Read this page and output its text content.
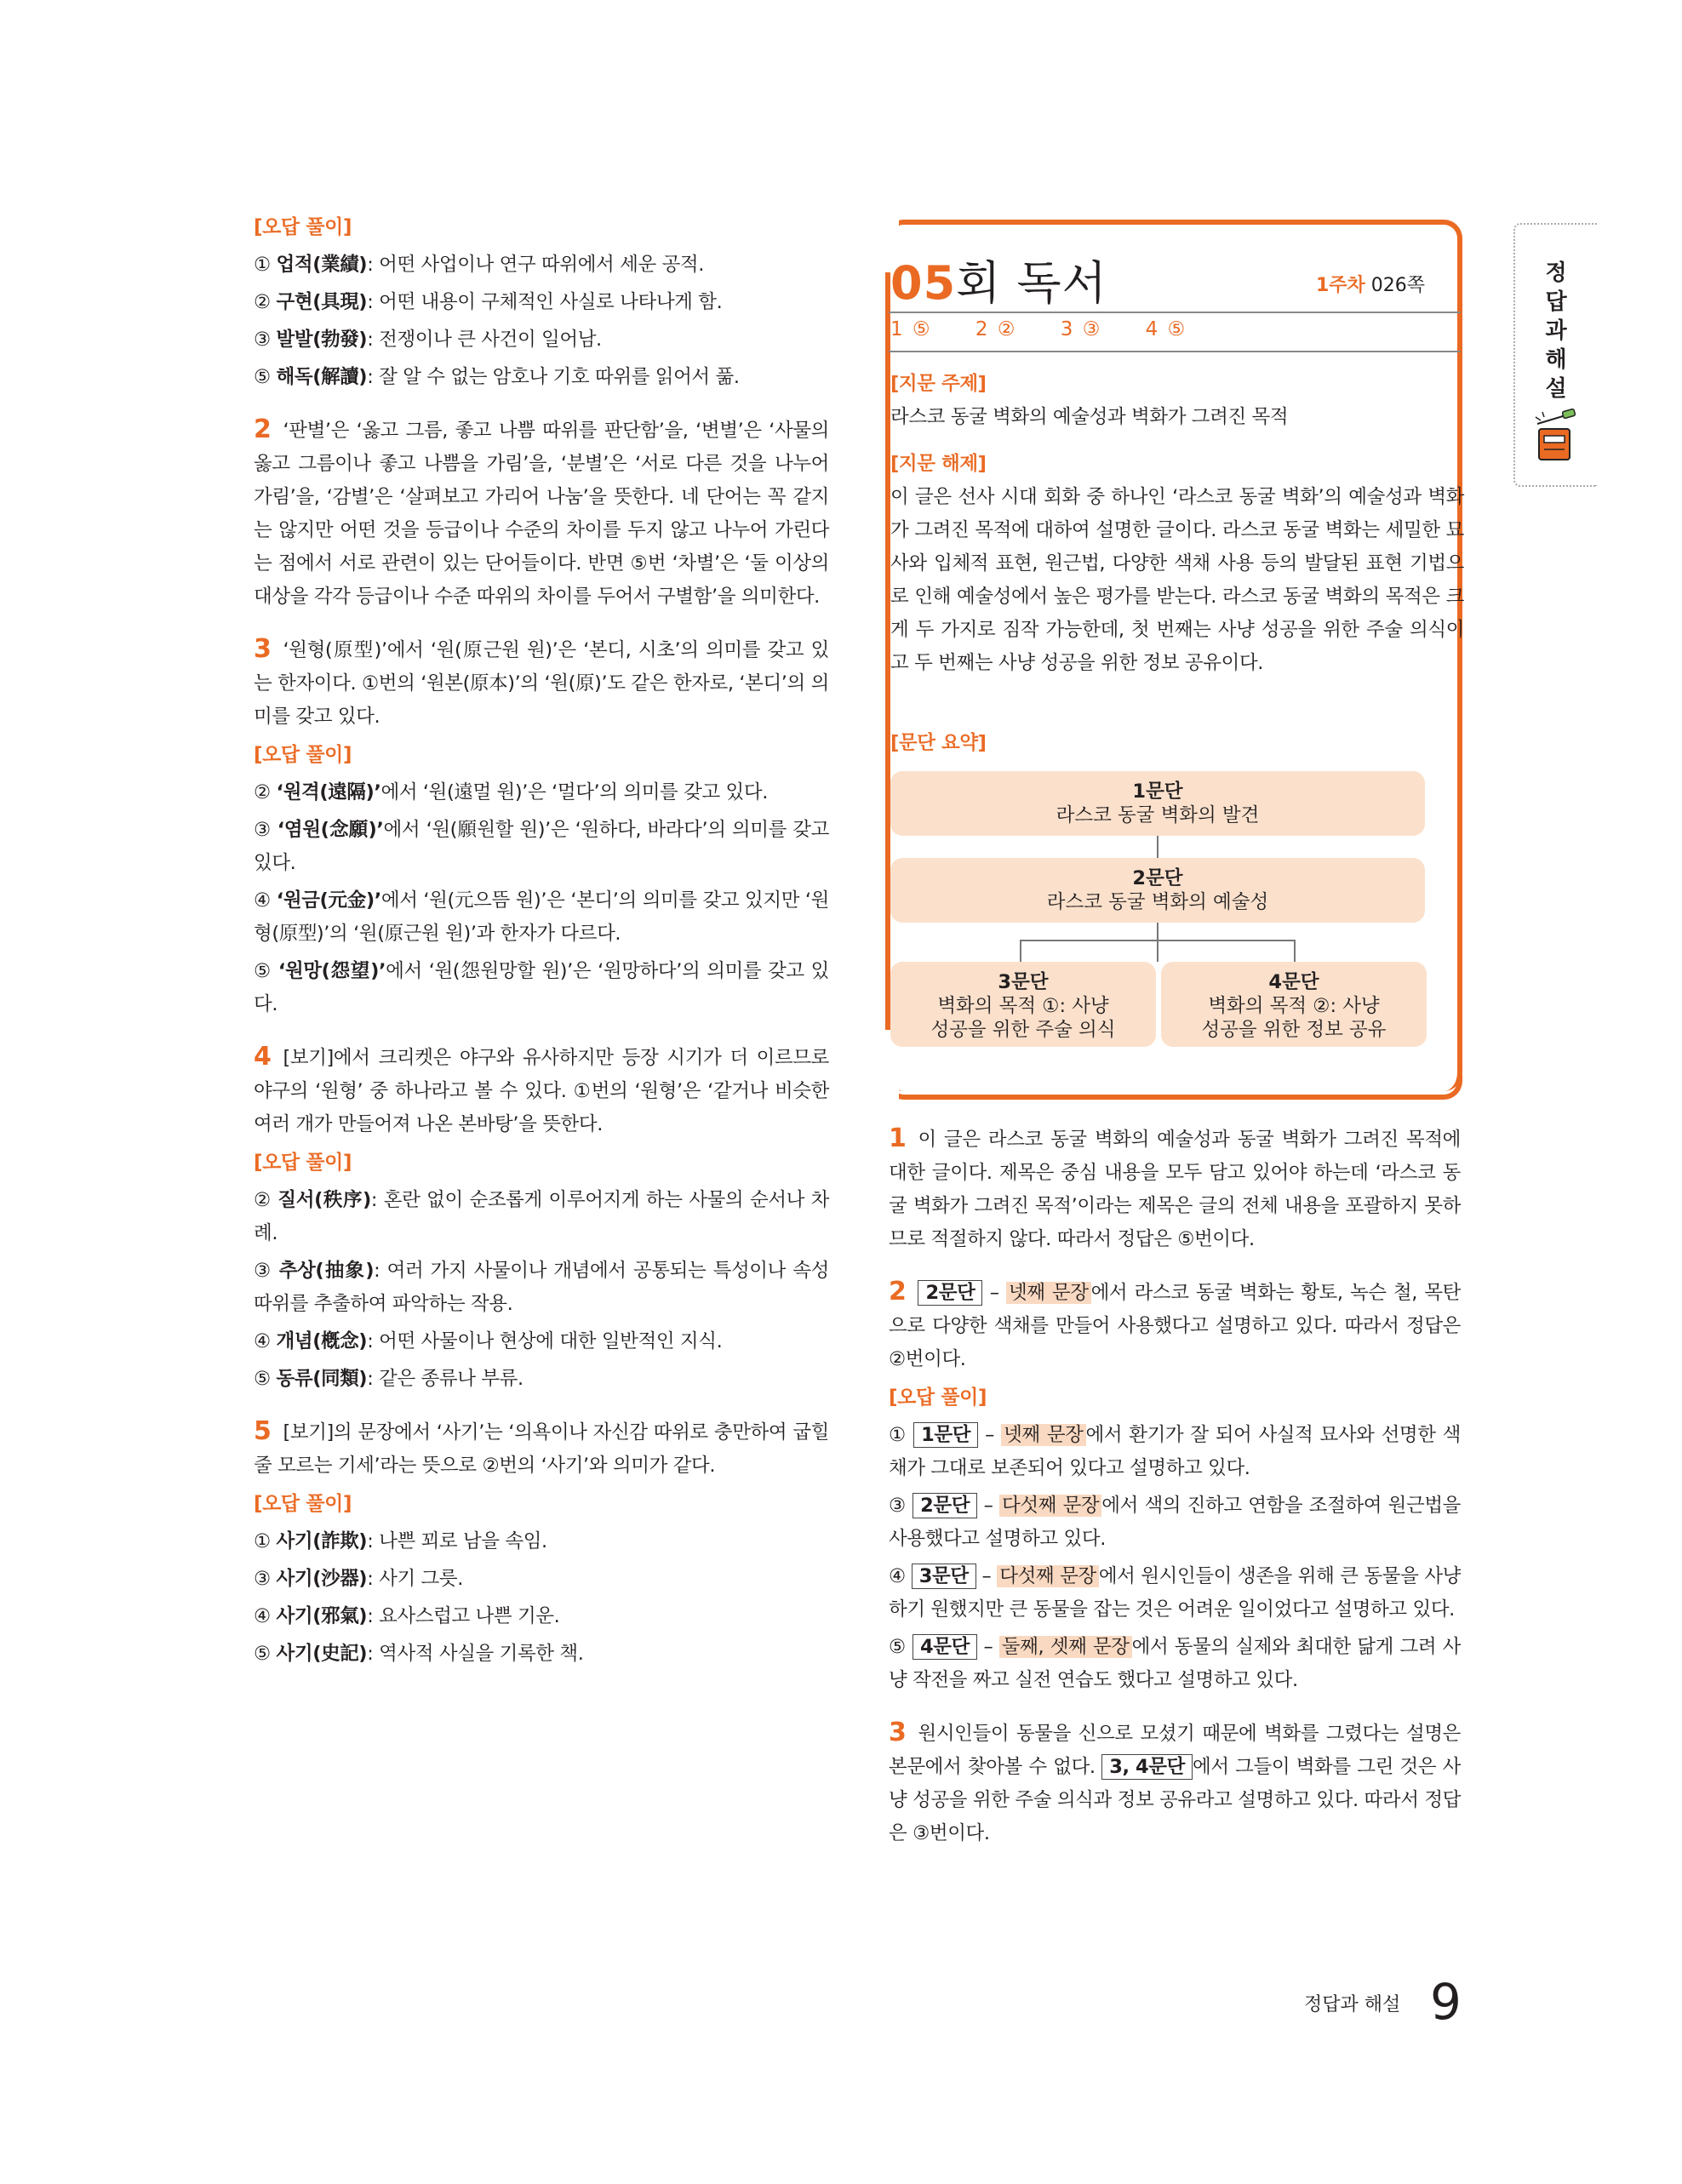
[오답 풀이]
① 업적(業績): 어떤 사업이나 연구 따위에서 세운 공적.
② 구현(具現): 어떤 내용이 구체적인 사실로 나타나게 함.
③ 발발(勃發): 전쟁이나 큰 사건이 일어남.
⑤ 해독(解讀): 잘 알 수 없는 암호나 기호 따위를 읽어서 풂.

2 ‘판별’은 ‘옳고 그름, 좋고 나쁨 따위를 판단함’을, ‘변별’은 ‘사물의 옳고 그름이나 좋고 나쁨을 가림’을, ‘분별’은 ‘서로 다른 것을 나누어 가림’을, ‘감별’은 ‘살펴보고 가리어 나눔’을 뜻한다. 네 단어는 꼭 같지는 않지만 어떤 것을 등급이나 수준의 차이를 두지 않고 나누어 가린다는 점에서 서로 관련이 있는 단어들이다. 반면 ⑤번 ‘차별’은 ‘둘 이상의 대상을 각각 등급이나 수준 따위의 차이를 두어서 구별함’을 의미한다.

3 ‘원형(原型)’에서 ‘원(原근원 원)’은 ‘본디, 시초’의 의미를 갖고 있는 한자이다. ①번의 ‘원본(原本)’의 ‘원(原)’도 같은 한자로, ‘본디’의 의미를 갖고 있다.

[오답 풀이]
② ‘원격(遠隔)’에서 ‘원(遠멀 원)’은 ‘멀다’의 의미를 갖고 있다.
③ ‘염원(念願)’에서 ‘원(願원할 원)’은 ‘원하다, 바라다’의 의미를 갖고 있다.
④ ‘원금(元金)’에서 ‘원(元으뜸 원)’은 ‘본디’의 의미를 갖고 있지만 ‘원형(原型)’의 ‘원(原근원 원)’과 한자가 다르다.
⑤ ‘원망(怨望)’에서 ‘원(怨원망할 원)’은 ‘원망하다’의 의미를 갖고 있다.

4 [보기]에서 크리켓은 야구와 유사하지만 등장 시기가 더 이르므로 야구의 ‘원형’ 중 하나라고 볼 수 있다. ①번의 ‘원형’은 ‘같거나 비슷한 여러 개가 만들어져 나온 본바탕’을 뜻한다.

[오답 풀이]
② 질서(秩序): 혼란 없이 순조롭게 이루어지게 하는 사물의 순서나 차례.
③ 추상(抽象): 여러 가지 사물이나 개념에서 공통되는 특성이나 속성 따위를 추출하여 파악하는 작용.
④ 개념(槪念): 어떤 사물이나 현상에 대한 일반적인 지식.
⑤ 동류(同類): 같은 종류나 부류.

5 [보기]의 문장에서 ‘사기’는 ‘의욕이나 자신감 따위로 충만하여 굽힐 줄 모르는 기세’라는 뜻으로 ②번의 ‘사기’와 의미가 같다.

[오답 풀이]
① 사기(詐欺): 나쁜 꾀로 남을 속임.
③ 사기(沙器): 사기 그릇.
④ 사기(邪氣): 요사스럽고 나쁜 기운.
⑤ 사기(史記): 역사적 사실을 기록한 책.
05회 독서	1주차 026쪽
1 ⑤ 2 ② 3 ③ 4 ⑤
[지문 주제]
라스코 동굴 벽화의 예술성과 벽화가 그려진 목적
[지문 해제]
이 글은 선사 시대 회화 중 하나인 ‘라스코 동굴 벽화’의 예술성과 벽화가 그려진 목적에 대하여 설명한 글이다. 라스코 동굴 벽화는 세밀한 묘사와 입체적 표현, 원근법, 다양한 색채 사용 등의 발달된 표현 기법으로 인해 예술성에서 높은 평가를 받는다. 라스코 동굴 벽화의 목적은 크게 두 가지로 짐작 가능한데, 첫 번째는 사냥 성공을 위한 주술 의식이고 두 번째는 사냥 성공을 위한 정보 공유이다.
[문단 요약]
1문단
라스코 동굴 벽화의 발견
2문단
라스코 동굴 벽화의 예술성
3문단
벽화의 목적 ①: 사냥
성공을 위한 주술 의식
4문단
벽화의 목적 ②: 사냥
성공을 위한 정보 공유

1 이 글은 라스코 동굴 벽화의 예술성과 동굴 벽화가 그려진 목적에 대한 글이다. 제목은 중심 내용을 모두 담고 있어야 하는데 ‘라스코 동굴 벽화가 그려진 목적’이라는 제목은 글의 전체 내용을 포괄하지 못하므로 적절하지 않다. 따라서 정답은 ⑤번이다.

2 2문단 – 넷째 문장 에서 라스코 동굴 벽화는 황토, 녹슨 철, 목탄으로 다양한 색채를 만들어 사용했다고 설명하고 있다. 따라서 정답은 ②번이다.

[오답 풀이]
① 1문단 – 넷째 문장 에서 환기가 잘 되어 사실적 묘사와 선명한 색채가 그대로 보존되어 있다고 설명하고 있다.
③ 2문단 – 다섯째 문장 에서 색의 진하고 연함을 조절하여 원근법을 사용했다고 설명하고 있다.
④ 3문단 – 다섯째 문장 에서 원시인들이 생존을 위해 큰 동물을 사냥하기 원했지만 큰 동물을 잡는 것은 어려운 일이었다고 설명하고 있다.
⑤ 4문단 – 둘째, 셋째 문장 에서 동물의 실제와 최대한 닮게 그려 사냥 작전을 짜고 실전 연습도 했다고 설명하고 있다.

3 원시인들이 동물을 신으로 모셨기 때문에 벽화를 그렸다는 설명은 본문에서 찾아볼 수 없다. 3, 4문단 에서 그들이 벽화를 그린 것은 사냥 성공을 위한 주술 의식과 정보 공유라고 설명하고 있다. 따라서 정답은 ③번이다.

정답과 해설
정답과 해설 9
